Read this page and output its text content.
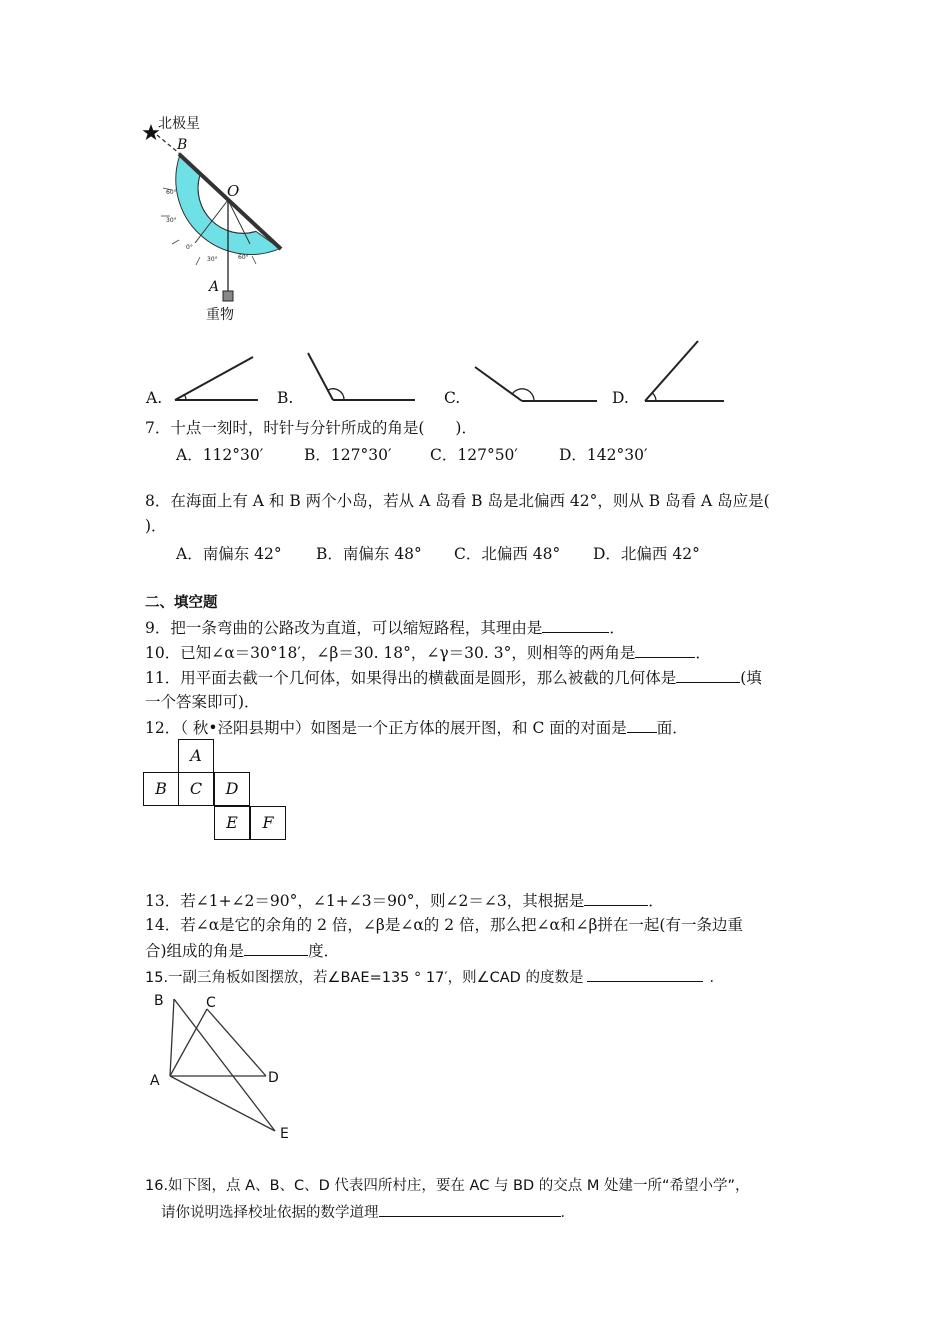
北极星
B
O
A
重物
60°
30°
0°
30°	60°
A.	B.	C.	D.
7．十点一刻时，时针与分针所成的角是(　　)．
A．112°30′	B．127°30′ C．127°50′	D．142°30′
8．在海面上有 A 和 B 两个小岛，若从 A 岛看 B 岛是北偏西 42°，则从 B 岛看 A 岛应是(
)．
A．南偏东 42° B．南偏东 48° C．北偏西 48° D．北偏西 42°
二、填空题
9．把一条弯曲的公路改为直道，可以缩短路程，其理由是	．
10．已知∠α＝30°18′，∠β＝30. 18°，∠γ＝30. 3°，则相等的两角是	．
11．用平面去截一个几何体，如果得出的横截面是圆形，那么被截的几何体是	(填
一个答案即可)．
12．（ 秋•泾阳县期中）如图是一个正方体的展开图，和 C 面的对面是 面．
A
B	C	D
E	F
13．若∠1+∠2＝90°，∠1+∠3＝90°，则∠2＝∠3，其根据是	．
14．若∠α是它的余角的 2 倍，∠β是∠α的 2 倍，那么把∠α和∠β拼在一起(有一条边重
合)组成的角是	度．
15.一副三角板如图摆放，若∠BAE=135 ° 17′，则∠CAD 的度数是	．
B	C
A	D
E
16.如下图，点 A、B、C、D 代表四所村庄，要在 AC 与 BD 的交点 M 处建一所“希望小学”，
请你说明选择校址依据的数学道理	．
